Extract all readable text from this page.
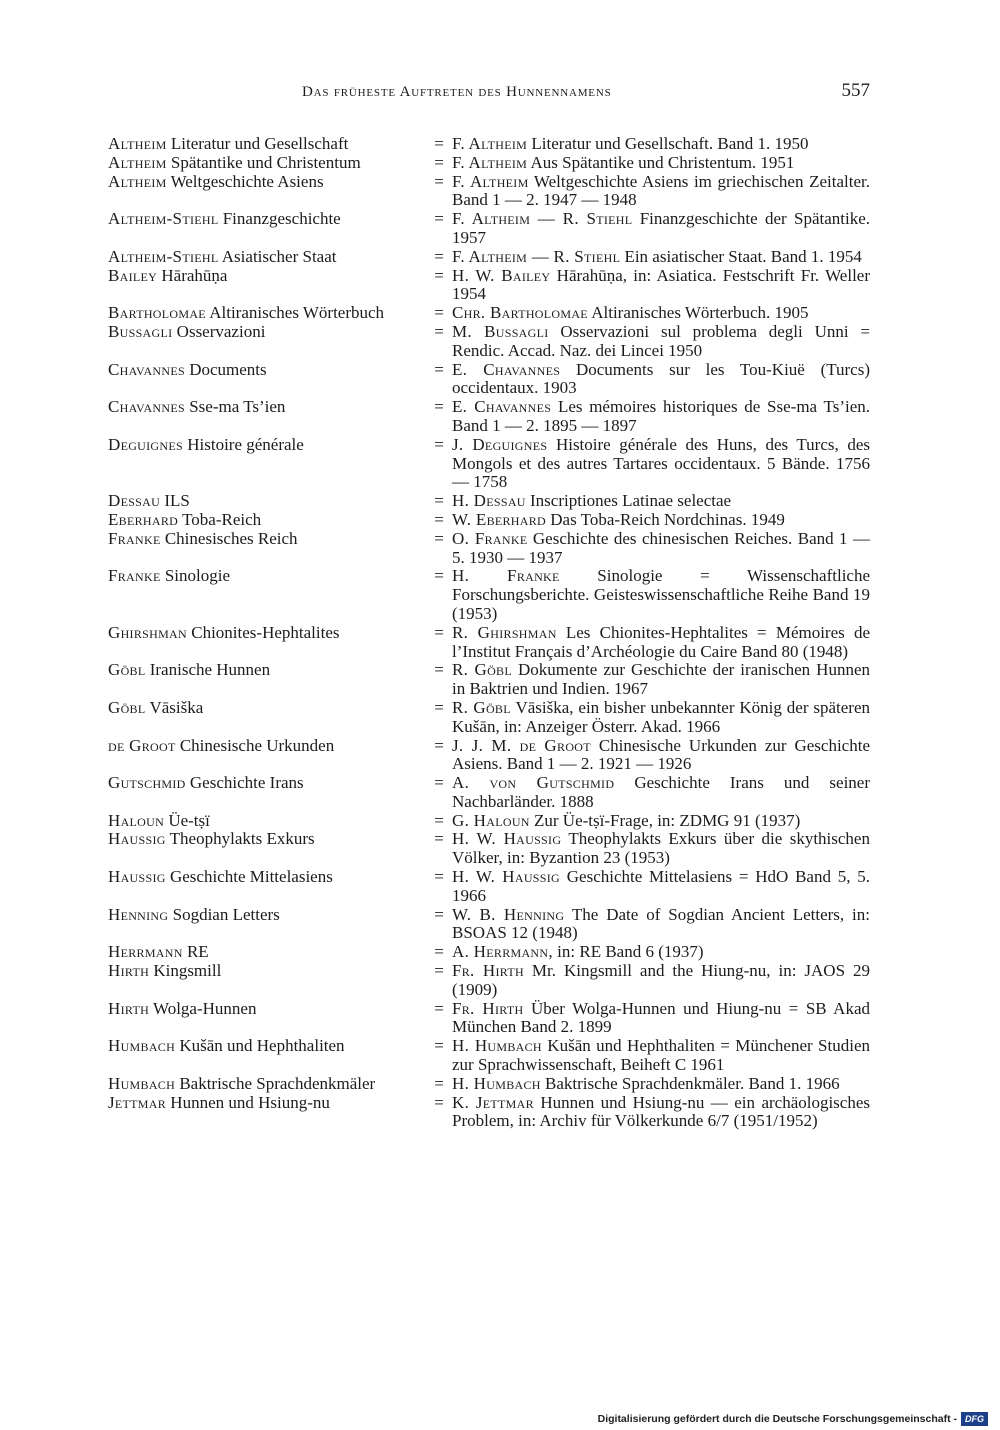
Das früheste Auftreten des Hunnennamens	557
Altheim Literatur und Gesellschaft	= F. Altheim Literatur und Gesellschaft. Band 1. 1950
Altheim Spätantike und Christentum	= F. Altheim Aus Spätantike und Christentum. 1951
Altheim Weltgeschichte Asiens	= F. Altheim Weltgeschichte Asiens im griechischen Zeitalter. Band 1 — 2. 1947 — 1948
Altheim-Stiehl Finanzgeschichte	= F. Altheim — R. Stiehl Finanzgeschichte der Spätantike. 1957
Altheim-Stiehl Asiatischer Staat	= F. Altheim — R. Stiehl Ein asiatischer Staat. Band 1. 1954
Bailey Hārahūṇa	= H. W. Bailey Hārahūṇa, in: Asiatica. Festschrift Fr. Weller 1954
Bartholomae Altiranisches Wörterbuch	= Chr. Bartholomae Altiranisches Wörterbuch. 1905
Bussagli Osservazioni	= M. Bussagli Osservazioni sul problema degli Unni = Rendic. Accad. Naz. dei Lincei 1950
Chavannes Documents	= E. Chavannes Documents sur les Tou-Kiuë (Turcs) occidentaux. 1903
Chavannes Sse-ma Ts’ien	= E. Chavannes Les mémoires historiques de Sse-ma Ts’ien. Band 1 — 2. 1895 — 1897
Deguignes Histoire générale	= J. Deguignes Histoire générale des Huns, des Turcs, des Mongols et des autres Tartares occidentaux. 5 Bände. 1756 — 1758
Dessau ILS	= H. Dessau Inscriptiones Latinae selectae
Eberhard Toba-Reich	= W. Eberhard Das Toba-Reich Nordchinas. 1949
Franke Chinesisches Reich	= O. Franke Geschichte des chinesischen Reiches. Band 1 — 5. 1930 — 1937
Franke Sinologie	= H. Franke Sinologie = Wissenschaftliche Forschungsberichte. Geisteswissenschaftliche Reihe Band 19 (1953)
Ghirshman Chionites-Hephtalites	= R. Ghirshman Les Chionites-Hephtalites = Mémoires de l’Institut Français d’Archéologie du Caire Band 80 (1948)
Göbl Iranische Hunnen	= R. Göbl Dokumente zur Geschichte der iranischen Hunnen in Baktrien und Indien. 1967
Göbl Vāsiška	= R. Göbl Vāsiška, ein bisher unbekannter König der späteren Kušān, in: Anzeiger Österr. Akad. 1966
de Groot Chinesische Urkunden	= J. J. M. de Groot Chinesische Urkunden zur Geschichte Asiens. Band 1 — 2. 1921 — 1926
Gutschmid Geschichte Irans	= A. von Gutschmid Geschichte Irans und seiner Nachbarländer. 1888
Haloun Üe-tṣï	= G. Haloun Zur Üe-tṣï-Frage, in: ZDMG 91 (1937)
Haussig Theophylakts Exkurs	= H. W. Haussig Theophylakts Exkurs über die skythischen Völker, in: Byzantion 23 (1953)
Haussig Geschichte Mittelasiens	= H. W. Haussig Geschichte Mittelasiens = HdO Band 5, 5. 1966
Henning Sogdian Letters	= W. B. Henning The Date of Sogdian Ancient Letters, in: BSOAS 12 (1948)
Herrmann RE	= A. Herrmann, in: RE Band 6 (1937)
Hirth Kingsmill	= Fr. Hirth Mr. Kingsmill and the Hiung-nu, in: JAOS 29 (1909)
Hirth Wolga-Hunnen	= Fr. Hirth Über Wolga-Hunnen und Hiung-nu = SB Akad München Band 2. 1899
Humbach Kušān und Hephthaliten	= H. Humbach Kušān und Hephthaliten = Münchener Studien zur Sprachwissenschaft, Beiheft C 1961
Humbach Baktrische Sprachdenkmäler	= H. Humbach Baktrische Sprachdenkmäler. Band 1. 1966
Jettmar Hunnen und Hsiung-nu	= K. Jettmar Hunnen und Hsiung-nu — ein archäologisches Problem, in: Archiv für Völkerkunde 6/7 (1951/1952)
Digitalisierung gefördert durch die Deutsche Forschungsgemeinschaft - DFG
